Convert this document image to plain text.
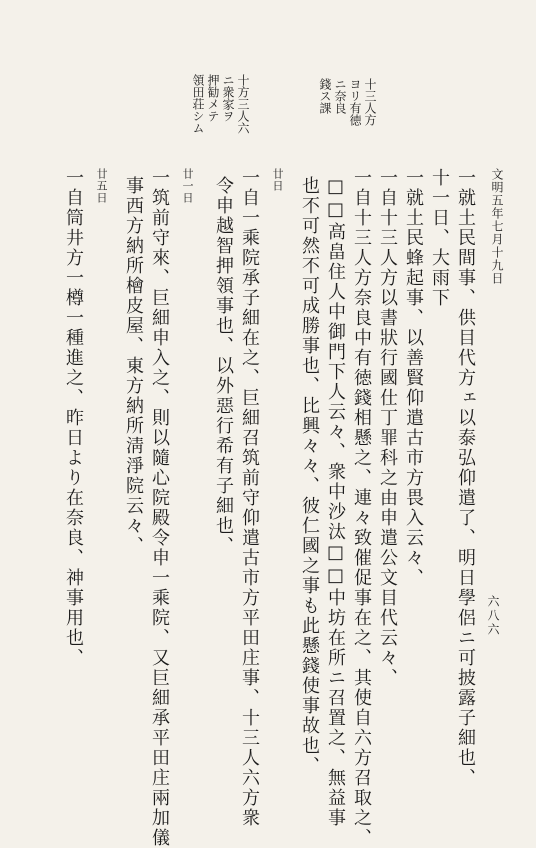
六八六
文明五年七月十九日
十三人方
ヨリ有徳
ニ奈良
錢ス課
十方三人六
ニ衆家ヲ
押勧メテ
領田荘シム
一就土民間事、供目代方ェ以泰弘仰遣了、明日學侶ニ可披露子細也、
十一日、大雨下
一就土民蜂起事、以善賢仰遣古市方畏入云々、
一自十三人方以書狀行國仕丁罪科之由申遣公文目代云々、
一自十三人方奈良中有徳錢相懸之、連々致催促事在之、其使自六方召取之、
□□高畠住人中御門下人云々、衆中沙汰□□中坊在所ニ召置之、無益事
也不可然不可成勝事也、比興々々、彼仁國之事も此懸錢使事故也、
廿日
一自一乘院承子細在之、巨細召筑前守仰遣古市方平田庄事、十三人六方衆
令申越智押領事也、以外惡行希有子細也、
廿一日
一筑前守來、巨細申入之、則以隨心院殿令申一乘院、又巨細承平田庄兩加儀
事西方納所檜皮屋、東方納所淸淨院云々、
廿五日
一自筒井方一樽一種進之、昨日より在奈良、神事用也、
